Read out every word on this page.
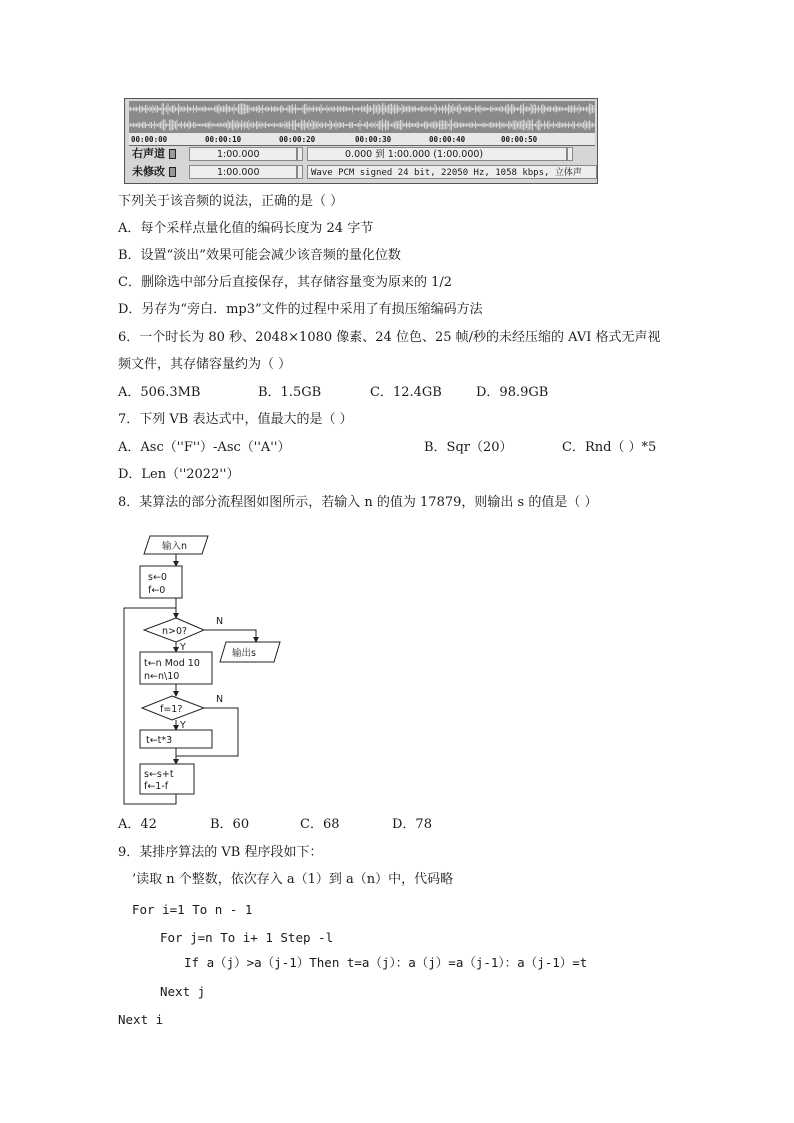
00:00:00	00:00:10	00:00:20	00:00:30	00:00:40	00:00:50
右声道	1:00.000	0.000 到 1:00.000 (1:00.000)
未修改	1:00.000	Wave PCM signed 24 bit, 22050 Hz, 1058 kbps, 立体声
下列关于该音频的说法，正确的是（ ）
A．每个采样点量化值的编码长度为 24 字节
B．设置“淡出”效果可能会减少该音频的量化位数
C．删除选中部分后直接保存，其存储容量变为原来的 1/2
D．另存为“旁白．mp3”文件的过程中采用了有损压缩编码方法
6．一个时长为 80 秒、2048×1080 像素、24 位色、25 帧/秒的未经压缩的 AVI 格式无声视
频文件，其存储容量约为（ ）
A．506.3MB	B．1.5GB	C．12.4GB	D．98.9GB
7．下列 VB 表达式中，值最大的是（ ）
A．Asc（''F''）-Asc（''A''）	B．Sqr（20）	C．Rnd（ ）*5
D．Len（''2022''）
8．某算法的部分流程图如图所示，若输入 n 的值为 17879，则输出 s 的值是（ ）
输入n
s←0
f←0
n>0?
N
Y
输出s
t←n Mod 10
n←n\10
f=1?
N
Y
t←t*3
s←s+t
f←1-f
A．42	B．60	C．68	D．78
9．某排序算法的 VB 程序段如下：
’读取 n 个整数，依次存入 a（1）到 a（n）中，代码略
For i=1 To n - 1
For j=n To i+ 1 Step -l
If a（j）>a（j-1）Then t=a（j）：a（j）=a（j-1）：a（j-1）=t
Next j
Next i
